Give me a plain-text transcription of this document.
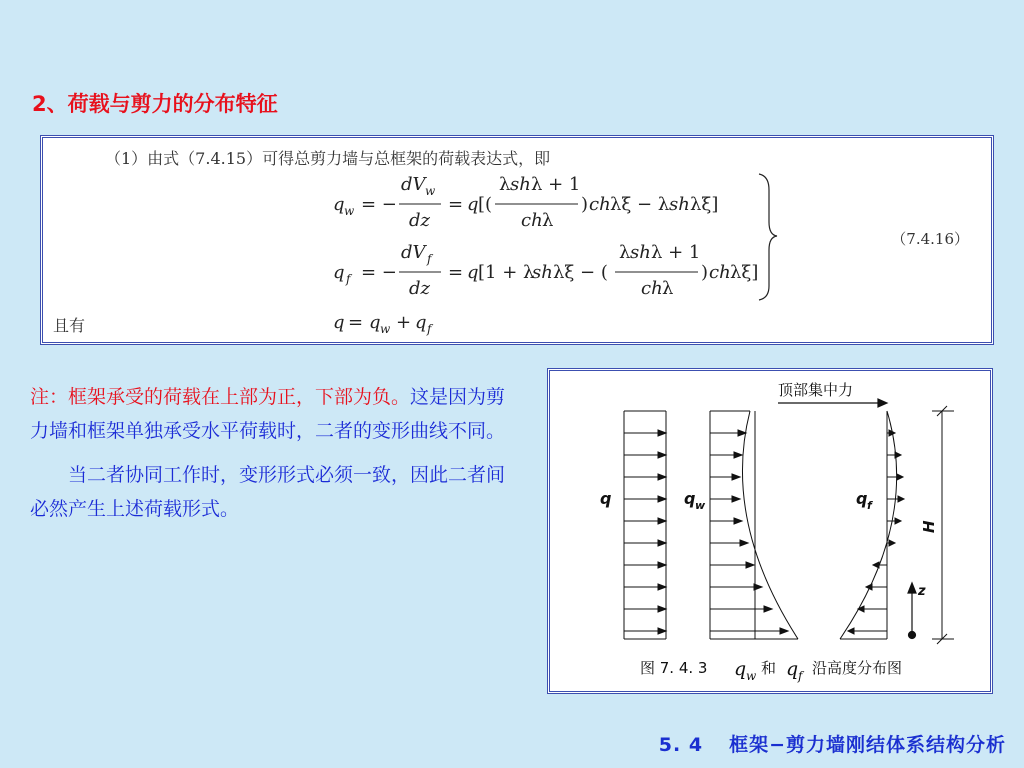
2、荷载与剪力的分布特征
（1）由式（7.4.15）可得总剪力墙与总框架的荷载表达式，即
q w = −
dV w
dz
= q [(
λ sh λ + 1
ch λ
) ch λξ − λ sh λξ]
q f = −
dV f
dz
= q [1 + λ
sh λξ − (
λ sh λ + 1
ch λ
) ch λξ]
q = q w + q f
（7.4.16）
且有
注：框架承受的荷载在上部为正，下部为负。这是因为剪力墙和框架单独承受水平荷载时，二者的变形曲线不同。
当二者协同工作时，变形形式必须一致，因此二者间必然产生上述荷载形式。	q	q w	q f
顶部集中力
H
z
图 7. 4. 3 q w 和 q f 沿高度分布图
5. 4 框架−剪力墙刚结体系结构分析
